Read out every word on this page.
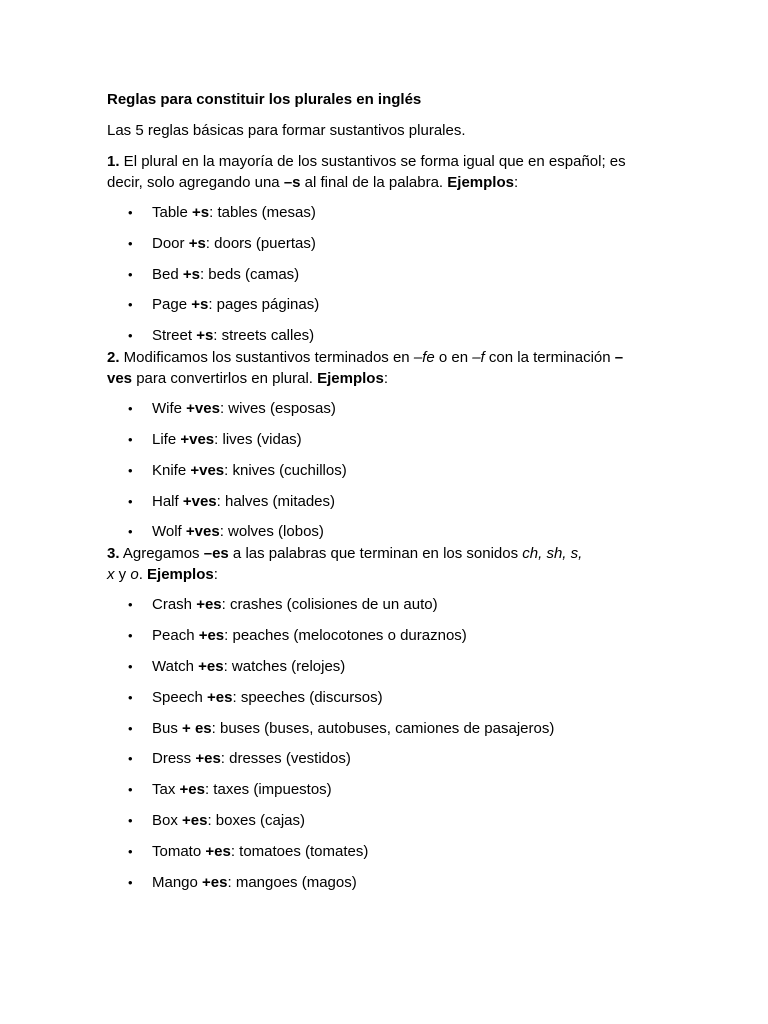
Reglas para constituir los plurales en inglés
Las 5 reglas básicas para formar sustantivos plurales.
1. El plural en la mayoría de los sustantivos se forma igual que en español; es decir, solo agregando una –s al final de la palabra. Ejemplos:
• Table +s: tables (mesas)
• Door +s: doors (puertas)
• Bed +s: beds (camas)
• Page +s: pages páginas)
• Street +s: streets calles)
2. Modificamos los sustantivos terminados en –fe o en –f con la terminación –ves para convertirlos en plural. Ejemplos:
• Wife +ves: wives (esposas)
• Life +ves: lives (vidas)
• Knife +ves: knives (cuchillos)
• Half +ves: halves (mitades)
• Wolf +ves: wolves (lobos)
3. Agregamos –es a las palabras que terminan en los sonidos ch, sh, s,
x y o. Ejemplos:
• Crash +es: crashes (colisiones de un auto)
• Peach +es: peaches (melocotones o duraznos)
• Watch +es: watches (relojes)
• Speech +es: speeches (discursos)
• Bus + es: buses (buses, autobuses, camiones de pasajeros)
• Dress +es: dresses (vestidos)
• Tax +es: taxes (impuestos)
• Box +es: boxes (cajas)
• Tomato +es: tomatoes (tomates)
• Mango +es: mangoes (magos)
